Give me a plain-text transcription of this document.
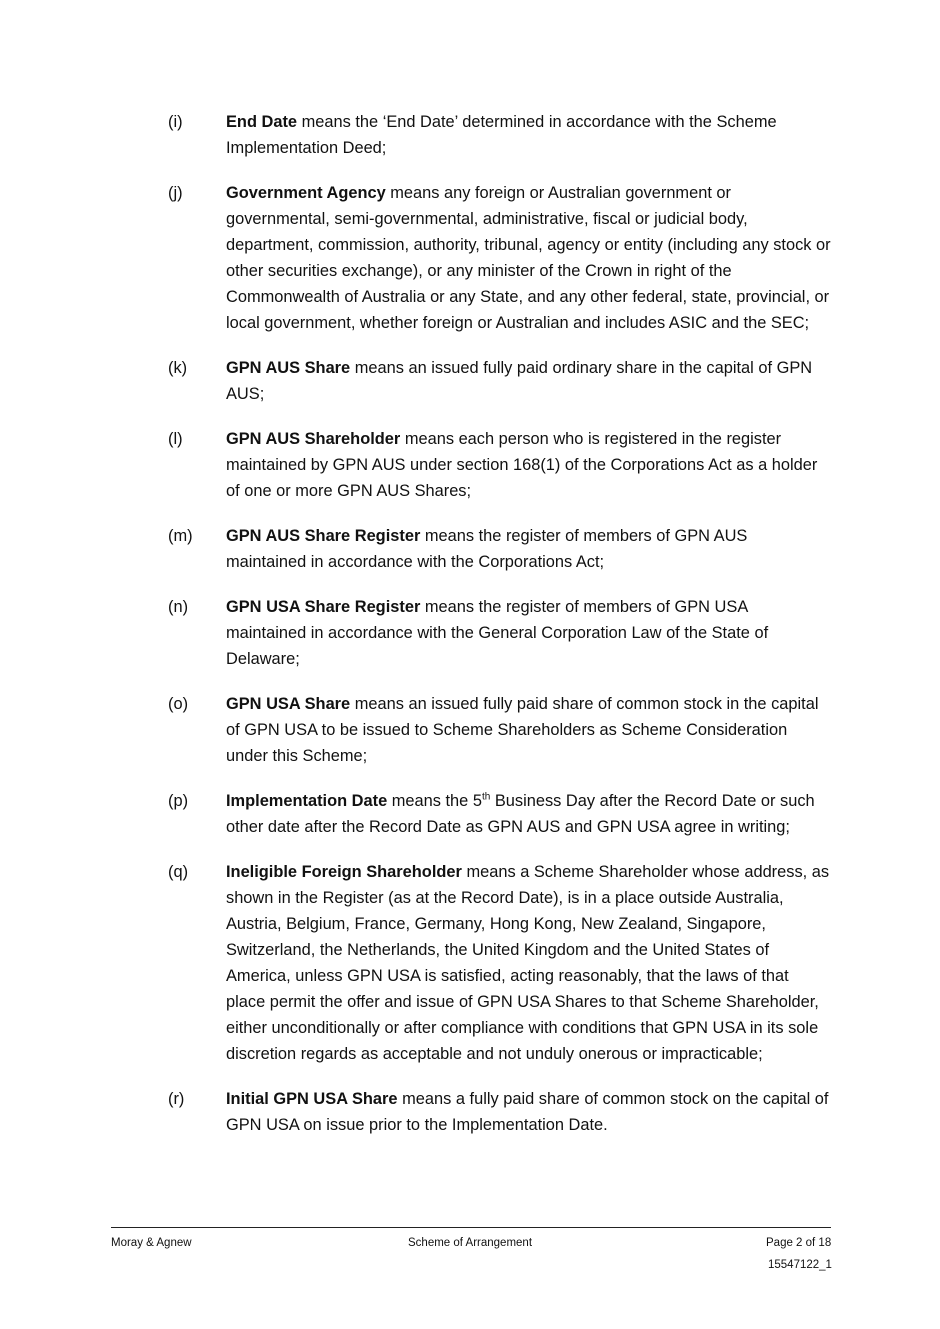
(i)	End Date means the ‘End Date’ determined in accordance with the Scheme Implementation Deed;
(j)	Government Agency means any foreign or Australian government or governmental, semi-governmental, administrative, fiscal or judicial body, department, commission, authority, tribunal, agency or entity (including any stock or other securities exchange), or any minister of the Crown in right of the Commonwealth of Australia or any State, and any other federal, state, provincial, or local government, whether foreign or Australian and includes ASIC and the SEC;
(k) GPN AUS Share means an issued fully paid ordinary share in the capital of GPN AUS;
(l)	GPN AUS Shareholder means each person who is registered in the register maintained by GPN AUS under section 168(1) of the Corporations Act as a holder of one or more GPN AUS Shares;
(m) GPN AUS Share Register means the register of members of GPN AUS maintained in accordance with the Corporations Act;
(n) GPN USA Share Register means the register of members of GPN USA maintained in accordance with the General Corporation Law of the State of Delaware;
(o) GPN USA Share means an issued fully paid share of common stock in the capital of GPN USA to be issued to Scheme Shareholders as Scheme Consideration under this Scheme;
(p) Implementation Date means the 5th Business Day after the Record Date or such other date after the Record Date as GPN AUS and GPN USA agree in writing;
(q) Ineligible Foreign Shareholder means a Scheme Shareholder whose address, as shown in the Register (as at the Record Date), is in a place outside Australia, Austria, Belgium, France, Germany, Hong Kong, New Zealand, Singapore, Switzerland, the Netherlands, the United Kingdom and the United States of America, unless GPN USA is satisfied, acting reasonably, that the laws of that place permit the offer and issue of GPN USA Shares to that Scheme Shareholder, either unconditionally or after compliance with conditions that GPN USA in its sole discretion regards as acceptable and not unduly onerous or impracticable;
(r)	Initial GPN USA Share means a fully paid share of common stock on the capital of GPN USA on issue prior to the Implementation Date.
Moray & Agnew	Scheme of Arrangement	Page 2 of 18
15547122_1
